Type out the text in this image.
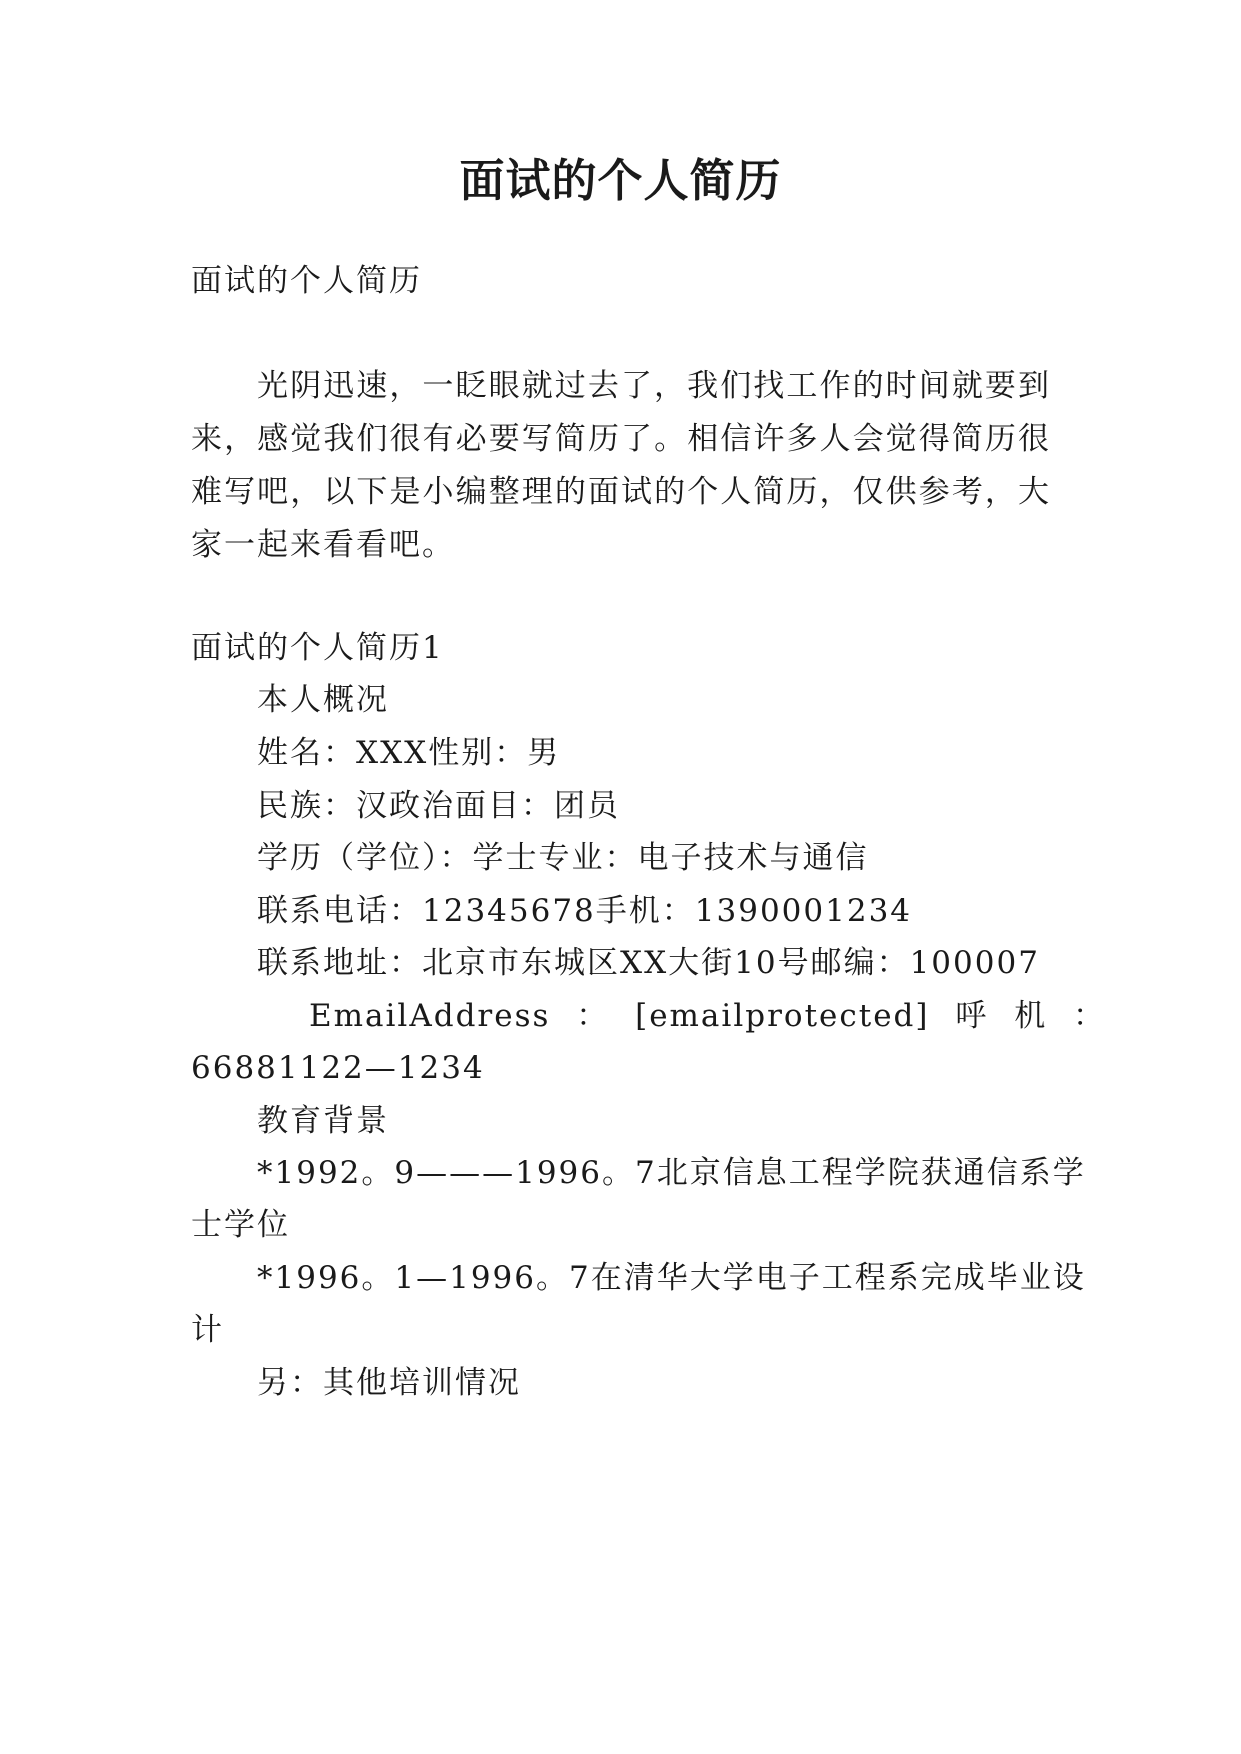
面试的个人简历
面试的个人简历
光阴迅速，一眨眼就过去了，我们找工作的时间就要到
来，感觉我们很有必要写简历了。相信许多人会觉得简历很
难写吧，以下是小编整理的面试的个人简历，仅供参考，大
家一起来看看吧。
面试的个人简历1
本人概况
姓名：XXX性别：男
民族：汉政治面目：团员
学历（学位）：学士专业：电子技术与通信
联系电话：12345678手机：1390001234
联系地址：北京市东城区XX大街10号邮编：100007
EmailAddress ： [emailprotected] 呼 机 ：
66881122—1234
教育背景
*1992。9———1996。7北京信息工程学院获通信系学
士学位
*1996。1—1996。7在清华大学电子工程系完成毕业设
计
另：其他培训情况
